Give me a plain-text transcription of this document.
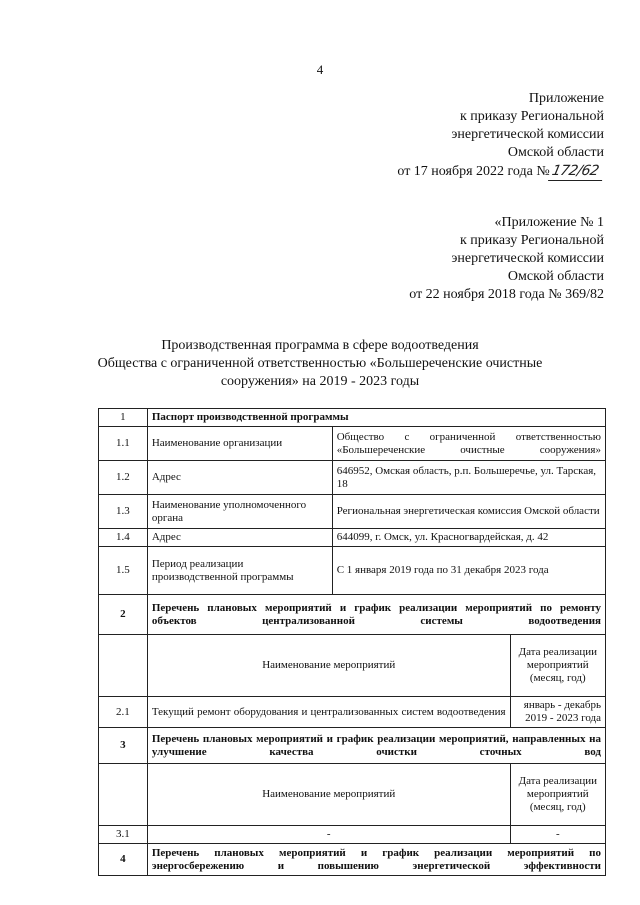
4
Приложение
к приказу Региональной
энергетической комиссии
Омской области
от 17 ноября 2022 года №172/62
«Приложение № 1
к приказу Региональной
энергетической комиссии
Омской области
от 22 ноября 2018 года № 369/82
Производственная программа в сфере водоотведения
Общества с ограниченной ответственностью «Большереченские очистные
сооружения» на 2019 - 2023 годы
1	Паспорт производственной программы		
1.1	Наименование организации	Общество с ограниченной ответственностью «Большереченские очистные сооружения»	
1.2	Адрес	646952, Омская область, р.п. Большеречье, ул. Тарская, 18	
1.3	Наименование уполномоченного органа	Региональная энергетическая комиссия Омской области	
1.4	Адрес	644099, г. Омск, ул. Красногвардейская, д. 42	
1.5	Период реализации производственной программы	С 1 января 2019 года по 31 декабря 2023 года	
2	Перечень плановых мероприятий и график реализации мероприятий по ремонту объектов централизованной системы водоотведения		
	Наименование мероприятий		Дата реализации мероприятий (месяц, год)
2.1	Текущий ремонт оборудования и централизованных систем водоотведения		январь - декабрь 2019 - 2023 года
3	Перечень плановых мероприятий и график реализации мероприятий, направленных на улучшение качества очистки сточных вод		
	Наименование мероприятий		Дата реализации мероприятий (месяц, год)
3.1	-		-
4	Перечень плановых мероприятий и график реализации мероприятий по энергосбережению и повышению энергетической эффективности		
